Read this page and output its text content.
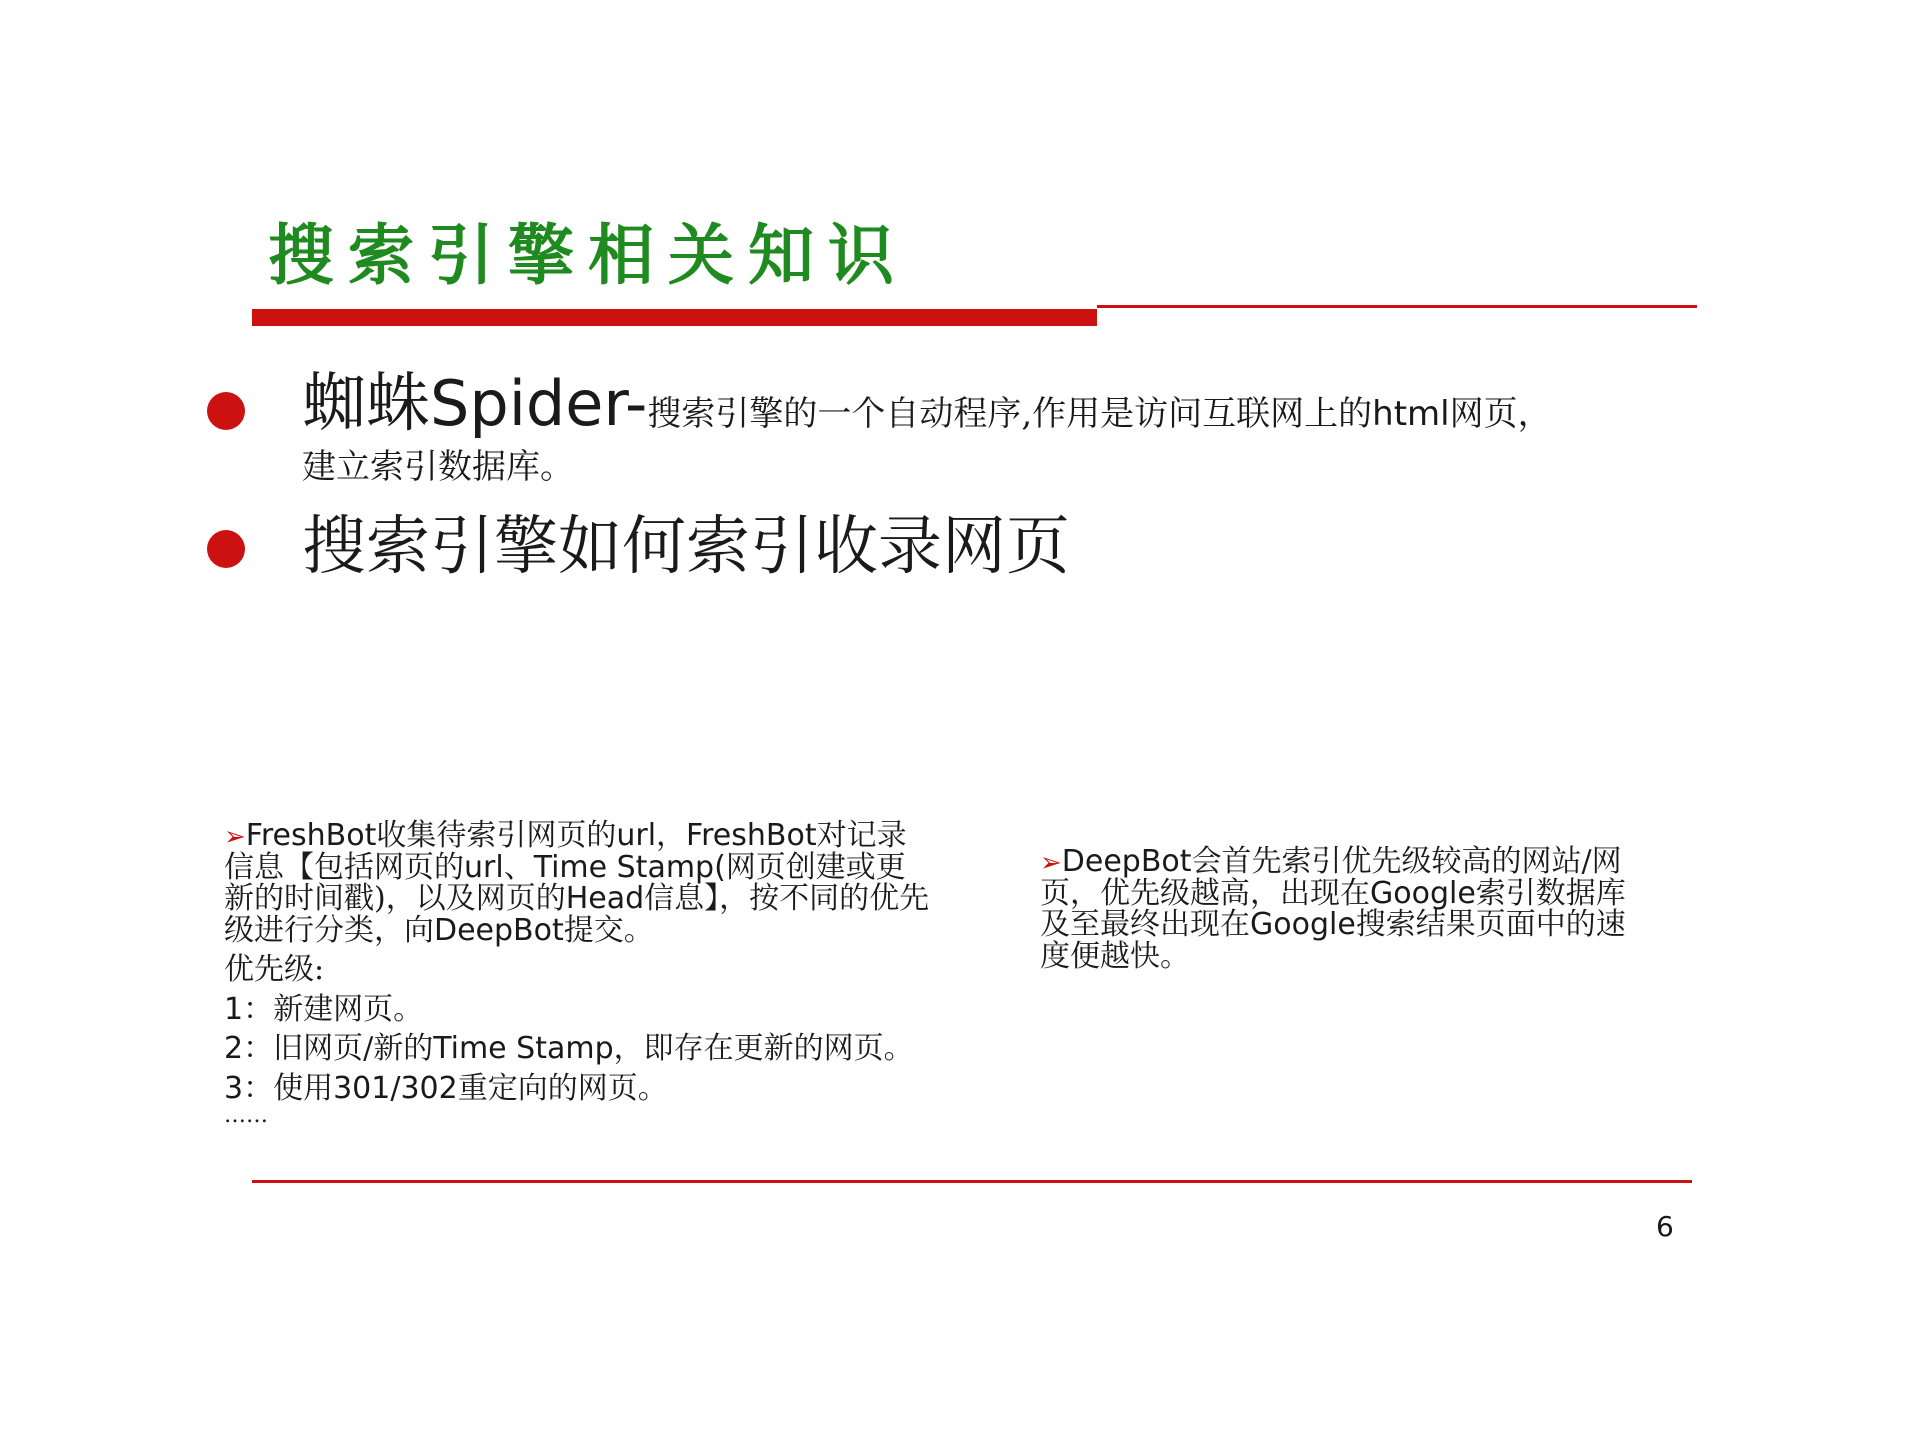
搜索引擎相关知识
蜘蛛Spider-搜索引擎的一个自动程序,作用是访问互联网上的html网页，
建立索引数据库。
搜索引擎如何索引收录网页

➢FreshBot收集待索引网页的url，FreshBot对记录信息【包括网页的url、Time Stamp(网页创建或更新的时间戳)，以及网页的Head信息】，按不同的优先级进行分类，向DeepBot提交。

优先级:

1：新建网页。

2：旧网页/新的Time Stamp，即存在更新的网页。

3：使用301/302重定向的网页。

……

➢DeepBot会首先索引优先级较高的网站/网页，优先级越高，出现在Google索引数据库及至最终出现在Google搜索结果页面中的速度便越快。

6
